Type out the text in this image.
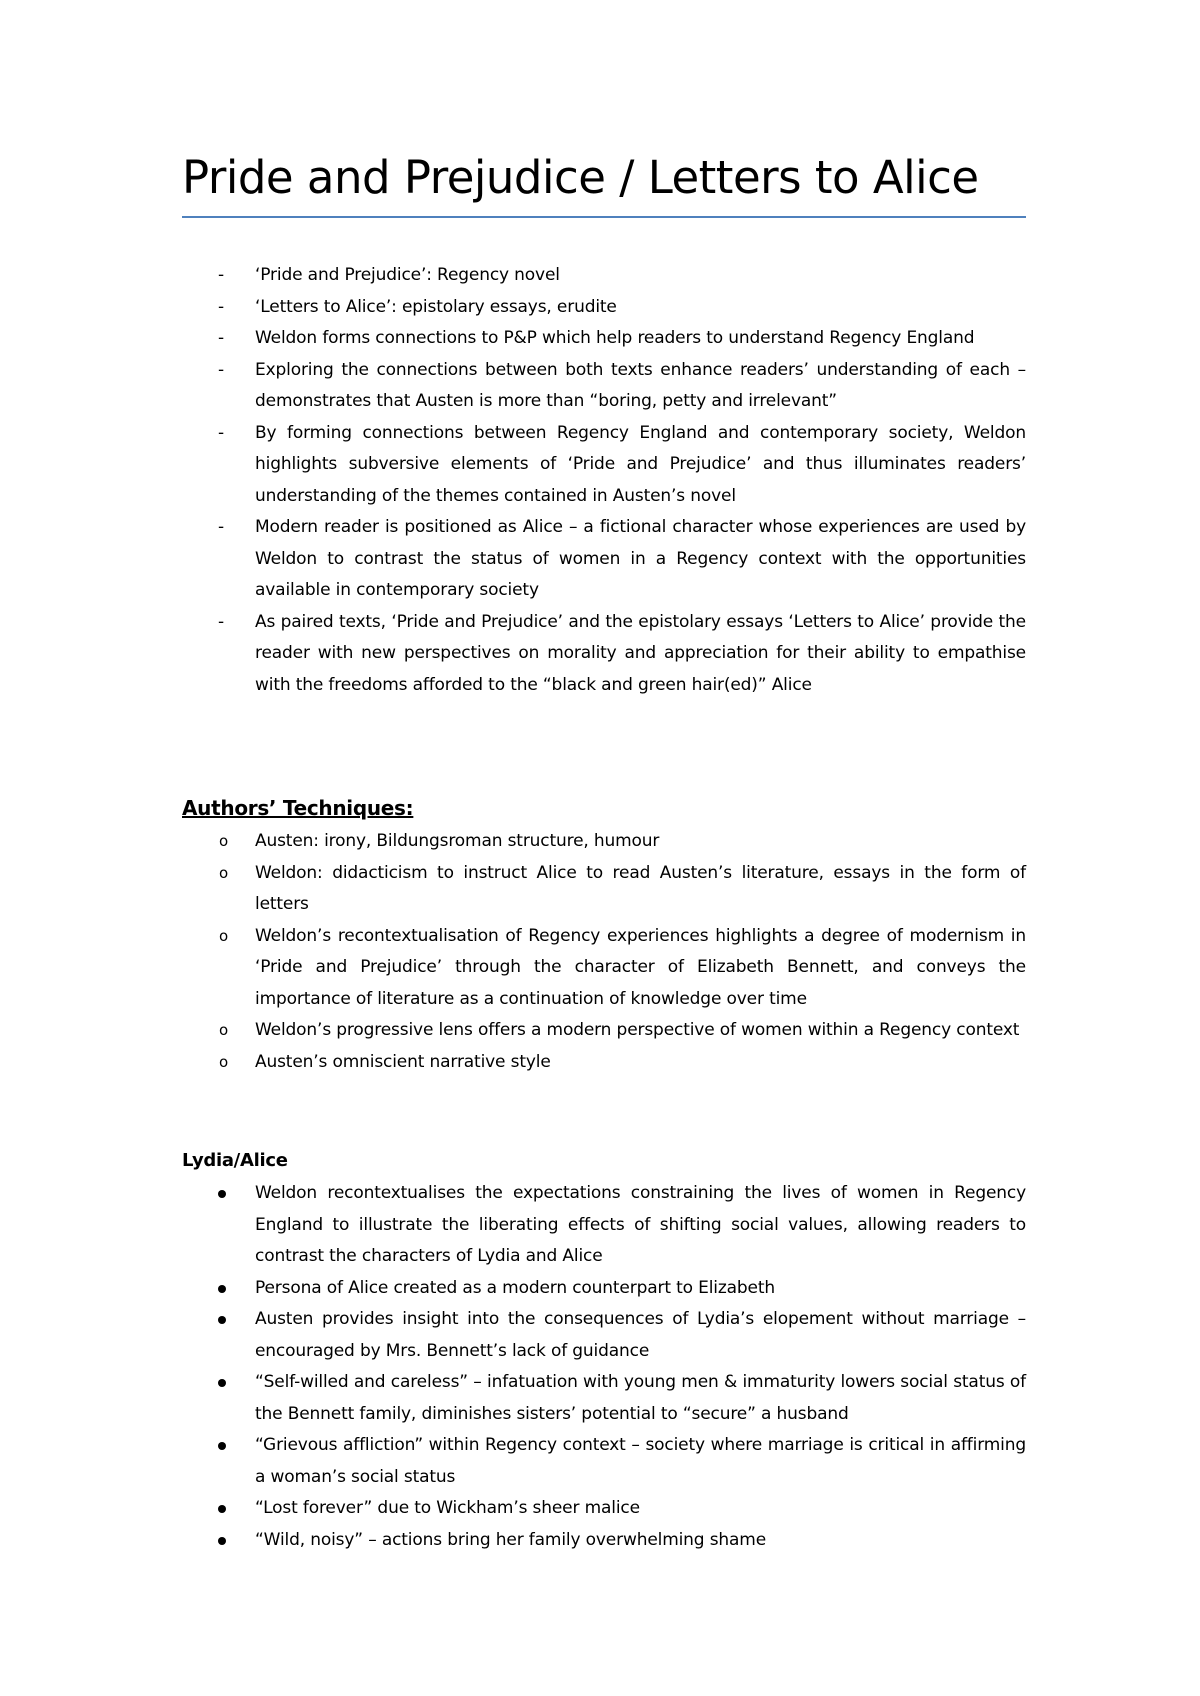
Pride and Prejudice / Letters to Alice
-	‘Pride and Prejudice’: Regency novel
-	‘Letters to Alice’: epistolary essays, erudite
-	Weldon forms connections to P&P which help readers to understand Regency England
-	Exploring the connections between both texts enhance readers’ understanding of each – demonstrates that Austen is more than “boring, petty and irrelevant”
-	By forming connections between Regency England and contemporary society, Weldon highlights subversive elements of ‘Pride and Prejudice’ and thus illuminates readers’ understanding of the themes contained in Austen’s novel
-	Modern reader is positioned as Alice – a fictional character whose experiences are used by Weldon to contrast the status of women in a Regency context with the opportunities available in contemporary society
-	As paired texts, ‘Pride and Prejudice’ and the epistolary essays ‘Letters to Alice’ provide the reader with new perspectives on morality and appreciation for their ability to empathise with the freedoms afforded to the “black and green hair(ed)” Alice
Authors’ Techniques:
o	Austen: irony, Bildungsroman structure, humour
o	Weldon: didacticism to instruct Alice to read Austen’s literature, essays in the form of letters
o	Weldon’s recontextualisation of Regency experiences highlights a degree of modernism in ‘Pride and Prejudice’ through the character of Elizabeth Bennett, and conveys the importance of literature as a continuation of knowledge over time
o	Weldon’s progressive lens offers a modern perspective of women within a Regency context
o	Austen’s omniscient narrative style
Lydia/Alice
Weldon recontextualises the expectations constraining the lives of women in Regency England to illustrate the liberating effects of shifting social values, allowing readers to contrast the characters of Lydia and Alice
Persona of Alice created as a modern counterpart to Elizabeth
Austen provides insight into the consequences of Lydia’s elopement without marriage – encouraged by Mrs. Bennett’s lack of guidance
“Self-willed and careless” – infatuation with young men & immaturity lowers social status of the Bennett family, diminishes sisters’ potential to “secure” a husband
“Grievous affliction” within Regency context – society where marriage is critical in affirming a woman’s social status
“Lost forever” due to Wickham’s sheer malice
“Wild, noisy” – actions bring her family overwhelming shame
